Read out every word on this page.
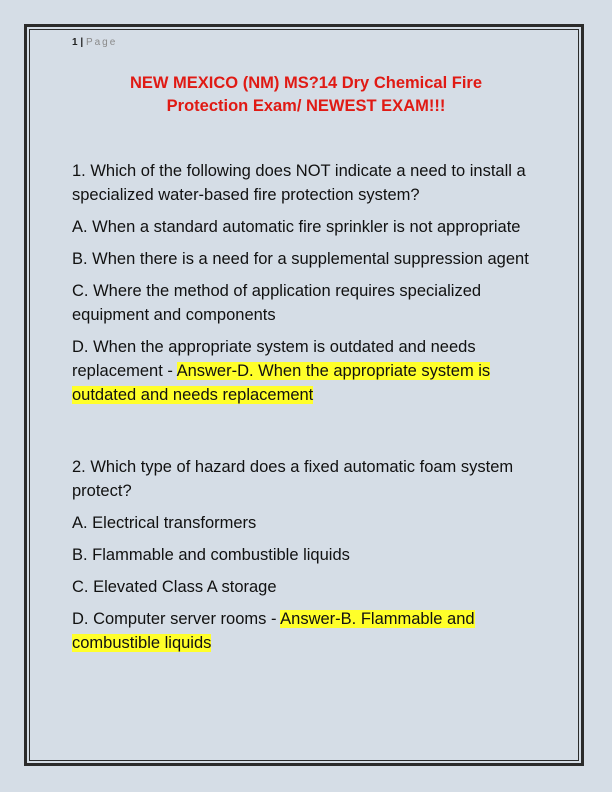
1 | Page
NEW MEXICO (NM) MS?14 Dry Chemical Fire
Protection Exam/ NEWEST EXAM!!!

1. Which of the following does NOT indicate a need to install a specialized water-based fire protection system?

A. When a standard automatic fire sprinkler is not appropriate

B. When there is a need for a supplemental suppression agent

C. Where the method of application requires specialized equipment and components

D. When the appropriate system is outdated and needs replacement - Answer-D. When the appropriate system is outdated and needs replacement

2. Which type of hazard does a fixed automatic foam system protect?

A. Electrical transformers

B. Flammable and combustible liquids

C. Elevated Class A storage

D. Computer server rooms - Answer-B. Flammable and combustible liquids
